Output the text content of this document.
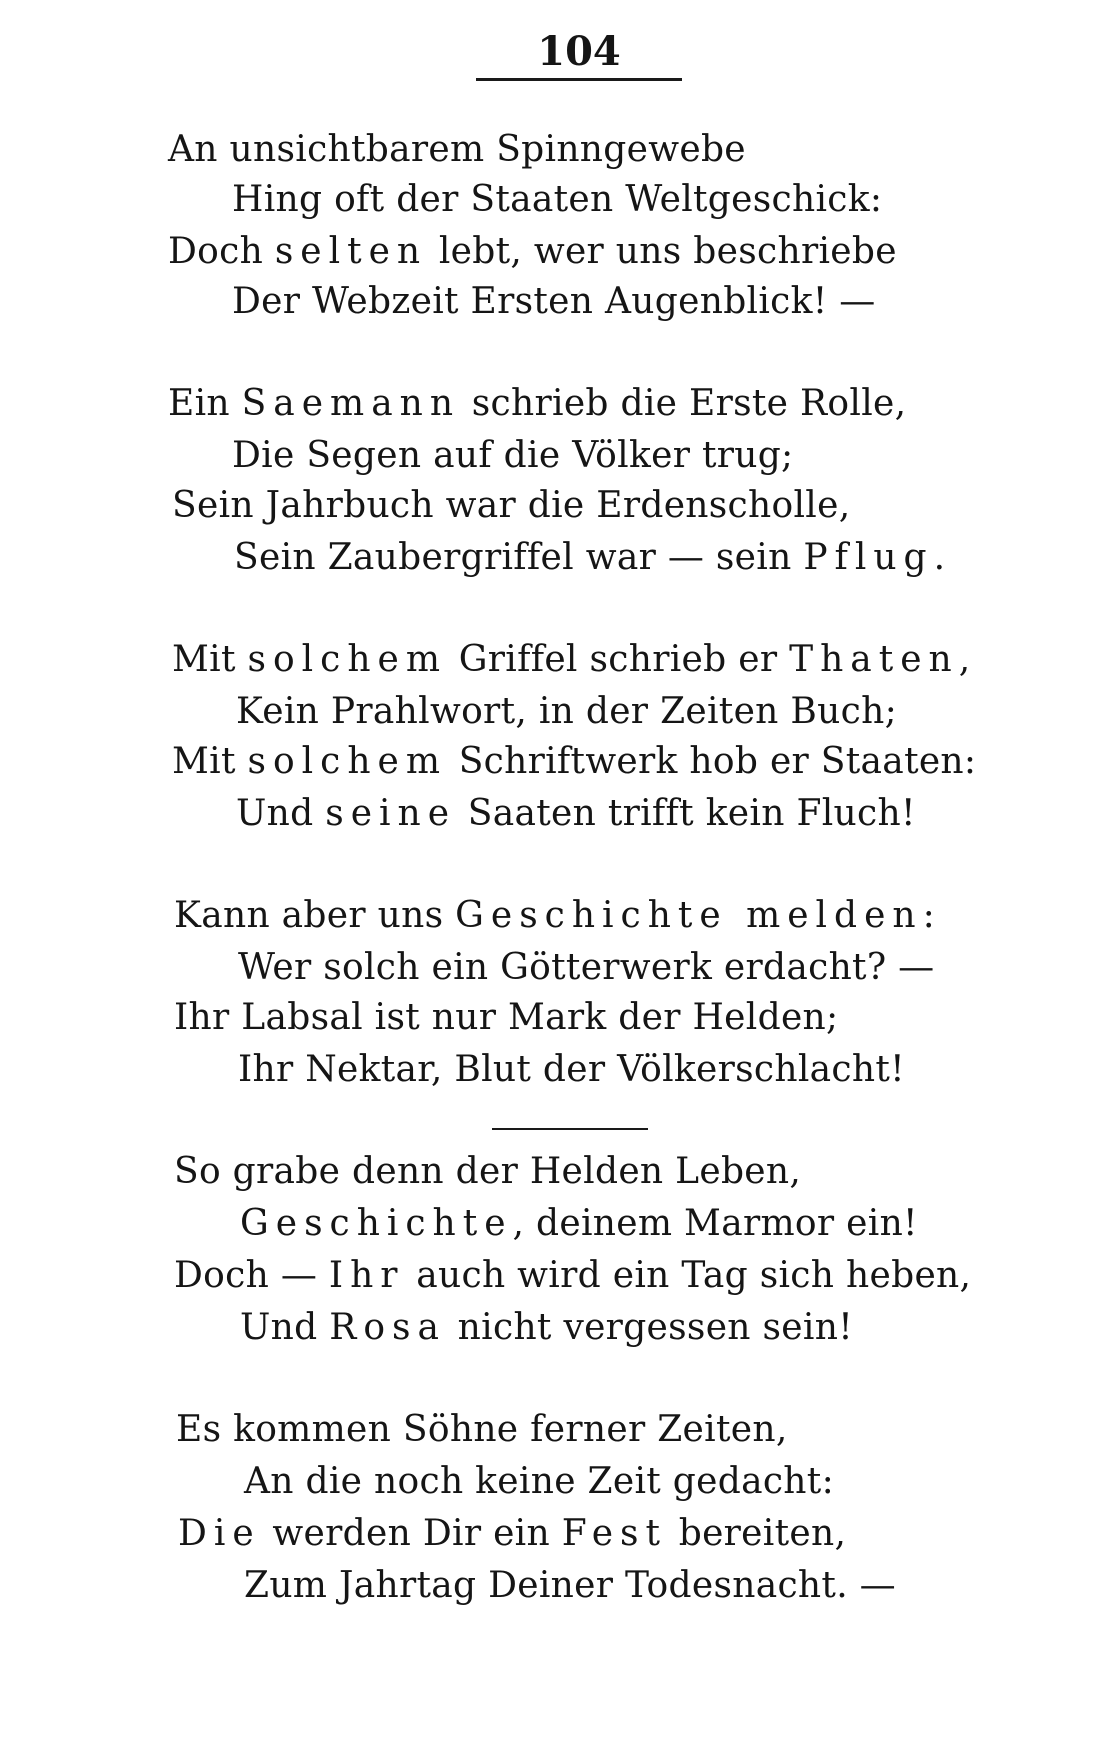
104
An unsichtbarem Spinngewebe
Hing oft der Staaten Weltgeschick:
Doch selten lebt, wer uns beschriebe
Der Webzeit Ersten Augenblick! —
Ein Saemann schrieb die Erste Rolle,
Die Segen auf die Völker trug;
Sein Jahrbuch war die Erdenscholle,
Sein Zaubergriffel war — sein Pflug.
Mit solchem Griffel schrieb er Thaten,
Kein Prahlwort, in der Zeiten Buch;
Mit solchem Schriftwerk hob er Staaten:
Und seine Saaten trifft kein Fluch!
Kann aber uns Geschichte melden:
Wer solch ein Götterwerk erdacht? —
Ihr Labsal ist nur Mark der Helden;
Ihr Nektar, Blut der Völkerschlacht!
So grabe denn der Helden Leben,
Geschichte, deinem Marmor ein!
Doch — Ihr auch wird ein Tag sich heben,
Und Rosa nicht vergessen sein!
Es kommen Söhne ferner Zeiten,
An die noch keine Zeit gedacht:
Die werden Dir ein Fest bereiten,
Zum Jahrtag Deiner Todesnacht. —
